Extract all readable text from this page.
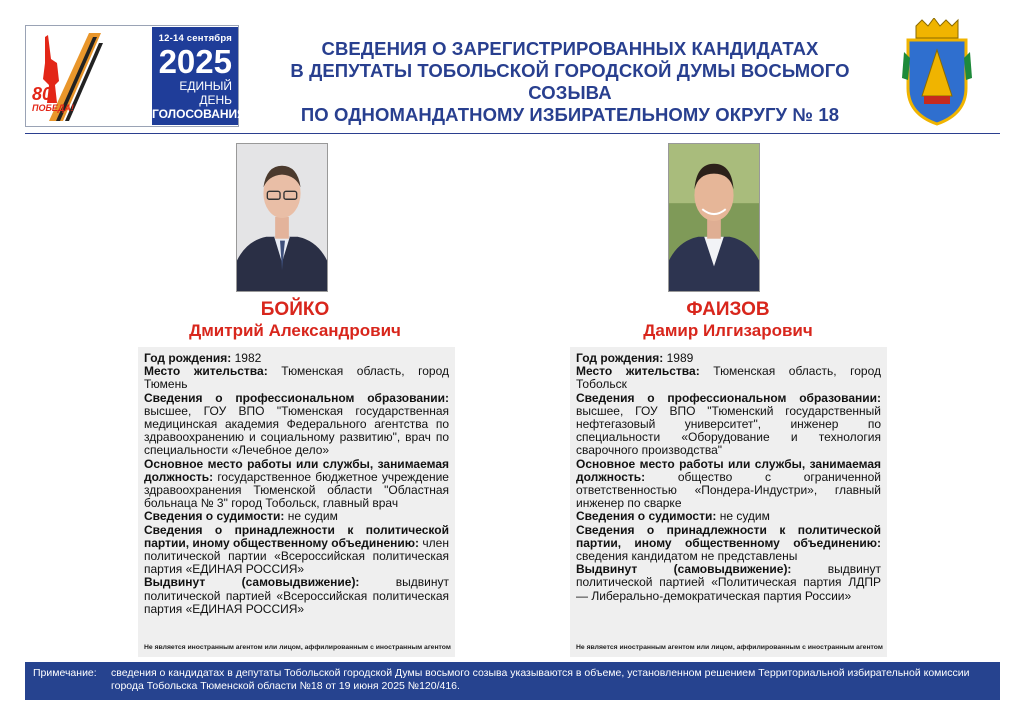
80
ПОБЕДА!
12-14 сентября
2025
ЕДИНЫЙ ДЕНЬ
ГОЛОСОВАНИЯ
СВЕДЕНИЯ О ЗАРЕГИСТРИРОВАННЫХ КАНДИДАТАХ
В ДЕПУТАТЫ ТОБОЛЬСКОЙ ГОРОДСКОЙ ДУМЫ ВОСЬМОГО СОЗЫВА
ПО ОДНОМАНДАТНОМУ ИЗБИРАТЕЛЬНОМУ ОКРУГУ № 18
БОЙКО
Дмитрий Александрович
ФАИЗОВ
Дамир Илгизарович

Год рождения: 1982

Место жительства: Тюменская область, город Тюмень

Сведения о профессиональном образовании: высшее, ГОУ ВПО "Тюменская государственная медицинская академия Федерального агентства по здравоохранению и социальному развитию", врач по специальности «Лечебное дело»

Основное место работы или службы, занимаемая должность: государственное бюджетное учреждение здравоохранения Тюменской области "Областная больнаца № 3" город Тобольск, главный врач

Сведения о судимости: не судим

Сведения о принадлежности к политической партии, иному общественному объединению: член политической партии «Всероссийская политическая партия «ЕДИНАЯ РОССИЯ»

Выдвинут (самовыдвижение):	выдвинут политической партией «Всероссийская политическая партия «ЕДИНАЯ РОССИЯ»

Не является иностранным агентом или лицом, аффилированным с иностранным агентом

Год рождения: 1989

Место жительства: Тюменская область, город Тобольск

Сведения о профессиональном образовании: высшее, ГОУ ВПО "Тюменский государственный нефтегазовый университет", инженер по специальности «Оборудование и технология сварочного производства"

Основное место работы или службы, занимаемая должность:	общество с ограниченной ответственностью «Пондера-Индустри», главный инженер по сварке

Сведения о судимости: не судим

Сведения о принадлежности к политической партии, иному общественному объединению: сведения кандидатом не представлены

Выдвинут (самовыдвижение):	выдвинут политической партией «Политическая партия ЛДПР — Либерально-демократическая партия России»

Не является иностранным агентом или лицом, аффилированным с иностранным агентом
Примечание:	сведения о кандидатах в депутаты Тобольской городской Думы восьмого созыва указываются в объеме, установленном решением Территориальной избирательной комиссии города Тобольска Тюменской области №18 от 19 июня 2025 №120/416.
